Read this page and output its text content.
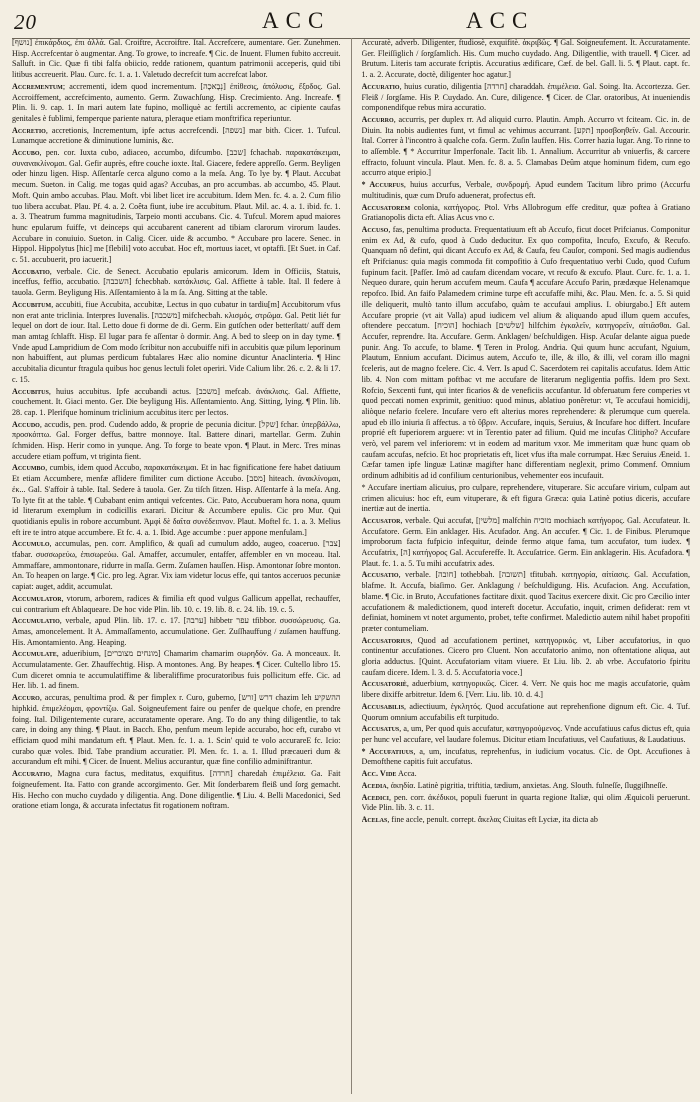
20	ACC	ACC

[נושף] ἐπικάρδιος, ἐπι ἀλλά. Gal. Croiftre, Accroiftre. Ital. Accrefcere, aumentare. Ger. Zunehmen. Hisp. Accrefcentar ò augmentar. Ang. To growe, to increafe. ¶ Cic. de Inuent. Flumen fubito accreuit. Salluft. in Cic. Quæ fi tibi falfa obiicio, redde rationem, quantum patrimonii acceperis, quid tibi litibus accreuerit. Plau. Curc. fc. 1. a. 1. Valetudo decrefcit tum accrefcat labor.

Accrementum; accrementi, idem quod incrementum. [נְבָאכָה] ἐπίθεσις, ἀπόλυσις, ἔξοδος. Gal. Accroiffement, accrefcimento, aumento. Germ. Zuwachſung. Hisp. Crecimiento. Ang. Increafe. ¶ Plin. li. 9. cap. 1. In mari autem late fupino, molliquè ac fertili accremento, ac cipiente caufas genitales è fublimi, femperque pariente natura, pleraque etiam monftrifica reperiuntur.

Accretio, accretionis, Incrementum, ipfe actus accrefcendi. [נשפה] mar bith. Cicer. 1. Tufcul. Lunamque accretione & diminutione luminis, &c.

Accubo, pen. cor. Iuxta cubo, adiaceo, accumbo, difcumbo. [שכב] fchachab. παρακατάκειμαι, συνανακλίνομαι. Gal. Gefir auprès, eftre couche ioxte. Ital. Giacere, federe appreſſo. Germ. Beyligen oder hinzu ligen. Hisp. Aſſentarſe cerca alguno como a la meſa. Ang. To lye by. ¶ Plaut. Accubat mecum. Sueton. in Calig. me togas quid agas? Accubas, an pro accumbas. ab accumbo, 45. Plaut. Moft. Quin ambo accubas. Plau. Moft. vbi libet licet ire accubitum. Idem Men. fc. 4. a. 2. Cum filio tuo libera accubat. Plau. Pf. 4. a. 2. Coêta fiunt, iube ire accubitum. Plaut. Mil. ac. 4. a. 1. ibid. fc. 1. a. 3. Theatrum fumma magnitudinis, Tarpeio monti accubans. Cic. 4. Tufcul. Morem apud maiores hunc epularum fuiffe, vt deinceps qui accubarent canerent ad tibiam clarorum virorum laudes. Accubare in conuiuio. Sueton. in Calig. Cicer. uide & accumbo. * Accubare pro lacere. Senec. in Hippol. Hippolytus [hic] me [flebili] voto accubat. Hoc eft, mortuus iacet, vt optaffi. [Et Suet. in Caf. c. 51. accubuerit, pro iacuerit.]

Accubatio, verbale. Cic. de Senect. Accubatio epularis amicorum. Idem in Officiis, Statuis, inceffus, feffio, accubatio. [השכבה] fchecbhab. κατάκλισις. Gal. Affiette à table. Ital. Il federe à tauola. Germ. Beyligung His. Aſſentamiento à la m ſa. Ang. Sitting at the table.

Accubitum, accubiti, fiue Accubita, accubitæ, Lectus in quo cubatur in tardiu[m] Accubitorum vfus non erat ante triclinia. Interpres Iuvenalis. [משכבה] mifchecbah. κλισμός, στρῶμα. Gal. Petit liét fur lequel on dort de iour. Ital. Letto doue fi dorme de di. Germ. Ein gutſchen oder betterſtatt/ auff dem man amtag ſchlafft. Hisp. El lugar para fe aſſentar ò dormir. Ang. A bed to sleep on in day tyme. ¶ Vnde apud Lampridium de Com modo ſcribitur non accubuiffe nifi in accubitis quæ pilum leporinum non habuiffent, aut plumas perdicum fubtalares Hæc alio nomine dicuntur Anaclinteria. ¶ Hinc accubitalia dicuntur ftragula quibus hoc genus lectuli folet operiri. Vide Calium libr. 26. c. 2. & li 17. c. 15.

Accubitus, huius accubitus. Ipfe accubandi actus. [משכב] mefcab. ἀνάκλισις. Gal. Affiette, couchement. It. Giaci mento. Ger. Die beyligung His. Aſſentamiento. Ang. Sitting, lying. ¶ Plin. lib. 28. cap. 1. Plerifque hominum triclinium accubitus iterc per lectos.

Accudo, accudis, pen. prod. Cudendo addo, & proprie de pecunia dicitur. [שקל] fchar. ὑπερβάλλω, προσκόπτω. Gal. Forger deffus, battre monnoye. Ital. Battere dinari, martellar. Germ. Zuhin ſchmiden. Hisp. Herir como in yunque. Ang. To forge to beate vpon. ¶ Plaut. in Merc. Tres minas accudere etiam poffum, vt triginta fient.

Accumbo, cumbis, idem quod Accubo, παρακατάκειμαι. Et in hac fignificatione fere habet datiuum Et etiam Accumbere, menfæ aflidere fimiliter cum dictione Accubo. [מסב] hiteach. ἀνακλίνομαι, ἐκ... Gal. S'affoir à table. Ital. Sedere à tauola. Ger. Zu tiſch ſitzen. Hisp. Aſſentarfe à la meſa. Ang. To lyte fit at the table. ¶ Cubabant enim antiqui vefcentes. Cic. Pato, Accubueram hora nona, quum id literarum exemplum in codicillis exarari. Dicitur & Accumbere epulis. Cic pro Mur. Qui quotidianis epulis in robore accumbunt. Ἀμφὶ δὲ δαῖτα συνέδειπνον. Plaut. Moftel fc. 1. a. 3. Melius eft ire te intro atque accumbere. Et fc. 4. a. 1. Ibid. Age accumbe : puer appone menfulam.]

Accumulo, accumulas, pen. corr. Amplifico, & quaſi ad cumulum addo, augeo, coaceruo. [צבר] tfabar. συσσωρεύω, ἐπισωρεύω. Gal. Amaffer, accumuler, entaffer, affembler en vn moceau. Ital. Ammaffare, ammontonare, ridurre in maſſa. Germ. Zuſamen hauſſen. Hisp. Amontonar ſobre monton. An. To heapen on large. ¶ Cic. pro leg. Agrar. Vix iam videtur locus effe, qui tantos acceruos pecuniæ capiat: auget, addit, accumulat.

Accumulator, vtorum, arborem, radices & fimilia eft quod vulgus Gallicum appellat, rechauffer, cui contrarium eft Ablaqueare. De hoc vide Plin. lib. 10. c. 19. lib. 8. c. 24. lib. 19. c. 5.

Accumulatio, verbale, apud Plin. lib. 17. c. 17. [ערבה] hibbetr עפר tfibbor. συσσώρευσις. Ga. Amas, amoncelement. It A. Ammaſſamento, accumulatione. Ger. Zuſſhauffung / zuſamen hauffung. His. Amontamiento. Ang. Heaping.

Accumulate, adueribium, [מונחים מצוברים] Chamarim chamarim σωρηδόν. Ga. A monceaux. It. Accumulatamente. Ger. Zhauffechtig. Hisp. A montones. Ang. By heapes. ¶ Cicer. Cultello libro 15. Cum diceret omnia te accumulatiffime & liberaliffime procuratoribus fuis pollicitum effe. Cic. ad Her. lib. 1. ad finem.

Accuro, accuras, penultima prod. & per fimplex r. Curo, guberno, [זרש] דרש chazim leh ההשקיע hiphkid. ἐπιμελέομαι, φροντίζω. Gal. Soigneufement faire ou penfer de quelque chofe, en prendre foing. Ital. Diligentemente curare, accuratamente operare. Ang. To do any thing diligentlie, to tak care, in doing any thing. ¶ Plaut. in Bacch. Eho, penfum meum lepide accurabo, hoc eft, curabo vt efficiam quod mihi mandatum eft. ¶ Plaut. Men. fc. 1. a. 1. Scin' quid te volo accurareE fc. Icio: curabo quæ voles. Ibid. Tabe prandium accuratier. Pl. Men. fc. 1. a. 1. Illud præcaueri dum & accurandum eft mihi. ¶ Cicer. de Inuent. Melius accurantur, quæ fine confilio adminiftrantur.

Accuratio, Magna cura factus, meditatus, exquifitus. [חרדה] charedah ἐπιμέλεια. Ga. Fait foigneufement. Ita. Fatto con grande accorgimento. Ger. Mit ſonderbarem fleiß und ſorg gemacht. His. Hecho con mucho cuydado y diligentia. Ang. Done diligentlie. ¶ Liu. 4. Belli Macedonici, Sed oratione etiam longa, & accurata infectatus fit rogationem noftram.

Accuratè, adverb. Diligenter, ftudiosè, exquifitè. ἀκριβῶς. ¶ Gal. Soigneufement. It. Accuratamente. Ger. Fleiſſiglich / ſorgſamlich. His. Cum mucho cuydado. Ang. Diligentlie, with trauell. ¶ Cicer. ad Brutum. Literis tam accurate fcriptis. Accuratius ædificare, Cæf. de bel. Gall. li. 5. ¶ Plaut. capt. fc. 1. a. 2. Accurate, doctè, diligenter hoc agatur.]

Accuratio, huius curatio, diligentia [חרדה] charaddah. ἐπιμέλεια. Gal. Soing. Ita. Accortezza. Ger. Fleiß / ſorgſame. His P. Cuydado. An. Cure, diligence. ¶ Cicer. de Clar. oratoribus, At inueniendis componendifque rebus mira accuratio.

Accurro, accurris, per duplex rr. Ad aliquid curro. Plautin. Amph. Accurro vt fciteam. Cic. in. de Diuin. Ita nobis audientes funt, vt fimul ac vehimus accurrant. [תקע] προσβοηθεῖν. Gal. Accourir. Ital. Correr à l'incontro à qualche cofa. Germ. Zuſin lauffen. His. Correr hazia lugar. Ang. To rinne to to aſſemble. ¶ * Accurritur Imperfonale. Tacit lib. 1. Annalium. Accurritur ab vniuerfis, & carcere effracto, foluunt vincula. Plaut. Men. fc. 8. a. 5. Clamabas Deûm atque hominum fidem, cum ego accurro atque eripio.]

* Accurfus, huius accurfus, Verbale, συνδρομή. Apud eundem Tacitum libro primo (Accurfu multitudinis, quæ cum Drufo aduenerat, profectus eft.

Accusatorem colonia, κατήγορος. Ptol. Vrbs Allobrogum effe creditur, quæ poftea à Gratiano Gratianopolis dicta eft. Alias Acus vno c.

Accuſo, fas, penultima producta. Frequentatiuum eft ab Accufo, ficut docet Prifcianus. Componitur enim ex Ad, & cufo, quod à Cudo deducitur. Ex quo compofita, Incufo, Excufo, & Recufo. Quanquam nô defint, qui dicant Accufo ex Ad, & Caufa, feu Cauſor, componi. Sed magis audiendus eft Prifcianus: quia magis commoda fit compofitio à Cufo frequentatiuo verbi Cudo, quod Cufum fupinum facit. [Pafſer. Imò ad caufam dicendam vocare, vt recufo & excufo. Plaut. Curc. fc. 1. a. 1. Nequeo durare, quin herum accufem meum. Caufa ¶ accufare Accufo Parin, prædæque Helenamque repofco. Ibid. An faifo Palamedem crimine turpe eft accufaffe mihi, &c. Plau. Men. fc. a. 5. Si quid ille deliquerit, multò tanto illum accufabo, quàm te accufaui amplius. I. obiurgabo.] Eft autem Accufare proprie (vt ait Valla) apud iudicem vel alium & aliquando apud illum quem accufes, oftendere peccatum. [הוכיח] hochiach [שלשים] hilfchim ἐγκαλεῖν, κατηγορεῖν, αἰτιᾶσθαι. Gal. Accufer, reprendre. Ita. Accufare. Germ. Anklagen/ beſchuldigen. Hisp. Acuſar delante aigua puede punir. Ang. To accufe, to blame. ¶ Teren in Prolog. Andria. Qui quum hunc accufant, Nguium, Plautum, Ennium accufant. Dicimus autem, Accufo te, ille, & illo, & illi, vel coram illo magni fceleris, aut de magno fcelere. Cic. 4. Verr. Is apud C. Sacerdotem rei capitalis accufatus. Idem Attic lib. 4. Non com mittam poftbac vt me accufare de literarum negligentia poffis. Idem pro Sext. Rofcio, Sexcenti funt, qui inter ficarios & de veneficiis accufantur. Id obferuatum fere comperies vt quod peccati nomen exprimit, genitiuo: quod minus, ablatiuo ponêretur: vt, Te accufaui homicidij, aliòque nefario fcelere. Incufare vero eft alterius mores reprehendere: & plerumque cum querela. apud eb illo iniuria ſi affectus. a τὸ ὕβριν. Accufare, inquis, Seruius, & Incufare hoc differt. Incufare proprié eft fuperiorem arguere: vt in Terentio pater ad filium. Quid me incufas Clitipho? Accufare verò, vel parem vel inferiorem: vt in eodem ad maritum vxor. Me immeritam quæ hunc quam ob caufam accufas, nefcio. Et hoc proprietatis eft, licet vfus ifta male corrumpat. Hæc Seruius Æneid. 1. Cæfar tamen ipfe linguæ Latinæ magifter hanc differentiam neglexit, primo Commenf. Omnium ordinum adhibitis ad id confilium centurionibus, vehementer eos incufauit.

* Accufare inertiam alicuius, pro culpare, reprehendere, vituperare. Sic accufare virium, culpam aut crimen alicuius: hoc eft, eum vituperare, & eft figura Græca: quia Latinè potius diceris, accufare inertiæ aut de inertia.

Accuſator, verbale. Qui accufat, [מלשין] malfchin מוכיח mochiach κατήγορος. Gal. Accufateur. It. Accufatore. Germ. Ein anklager. His. Acufador. Ang. An accufer. ¶ Cic. 1. de Finibus. Plerumque improborum facta fufpicio infequitur, deinde fermo atque fama, tum accufator, tum iudex. ¶ Accufatrix, [ה] κατήγορος Gal. Accufereffe. It. Accuſatrice. Germ. Ein anklagerin. His. Acufadora. ¶ Plaut. fc. 1. a. 5. Tu mihi accufatrix ades.

Accuſatio, verbale. [חובה] tothebbah. [תשובה] tfitubah. κατηγορία, αἰτίασις. Gal. Accufation, blafme. It. Accufa, biaſimo. Ger. Anklagung / beſchuldigung. His. Acufacion. Ang. Accufation, blame. ¶ Cic. in Bruto, Accufationes factitare dixit. quod Tacitus exercere dixit. Cic pro Cæcilio inter accufationem & maledictionem, quod intereft docetur. Accufatio, inquit, crimen defiderat: rem vt definiat, hominem vt notet argumento, probet, tefte confirmet. Maledictio autem nihil habet propofiti præter contumeliam.

Accuſatorius, Quod ad accufationem pertinet, κατηγορικός. vt, Liber accufatorius, in quo continentur accufationes. Cicero pro Cluent. Non accufatorio animo, non oftentatione aliqua, aut gloria adductus. [Quint. Accufatoriam vitam viuere. Et Liu. lib. 2. ab vrbe. Accufatorio fpiritu caufam dicere. Idem. l. 3. d. 5. Accufatoria voce.]

Accuſatoriè, aduerbium, κατηγορικῶς. Cicer. 4. Verr. Ne quis hoc me magis accufatorie, quàm libere dixiffe arbitretur. Idem 6. [Verr. Liu. lib. 10. d. 4.]

Accuſabilis, adiectiuum, ἐγκλητός. Quod accufatione aut reprehenfione dignum eft. Cic. 4. Tuf. Quorum omnium accufabilis eft turpitudo.

Accuſatus, a, um, Per quod quis accufatur, κατηγορούμενος. Vnde accufatiuus cafus dictus eft, quia per hunc vel accufare, vel laudare folemus. Dicitur etiam Incufatiuus, vel Caufatiuus, & Laudatiuus.

* Accufatiuus, a, um, incufatus, reprehenfus, in iudicium vocatus. Cic. de Opt. Accufiones à Demofthene capitis fuit accufatus.

Acc. Vide Acca.

Acedia, ἀκηδία. Latinè pigritia, triftitia, tædium, anxietas. Ang. Slouth. fulneſſe, ſluggiſhneſſe.

Acedici, pen. corr. ἀκέδικοι, populi fuerunt in quarta regione Italiæ, qui olim Æquicoli peruerunt. Vide Plin. lib. 3. c. 11.

Acelas, fine accle, penult. corrept. ἄκελας Ciuitas eft Lyciæ, ita dicta ab
